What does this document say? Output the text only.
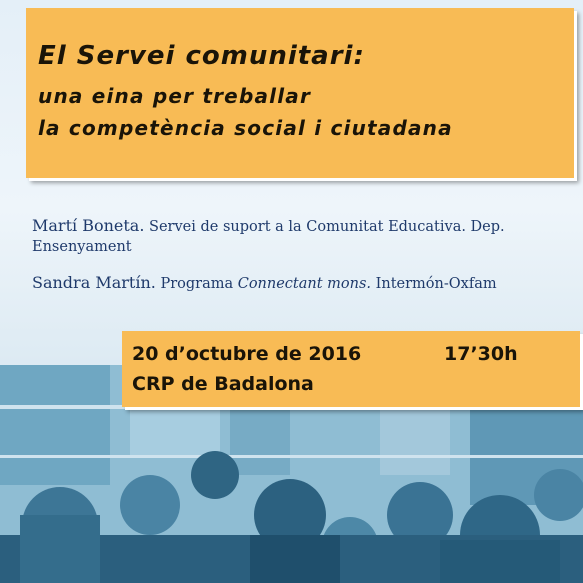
El Servei comunitari:
una eina per treballar
la competència social i ciutadana
Martí Boneta. Servei de suport a la Comunitat Educativa. Dep. Ensenyament
Sandra Martín. Programa Connectant mons. Intermón-Oxfam
20 d’octubre de 2016	17’30h
CRP de Badalona
